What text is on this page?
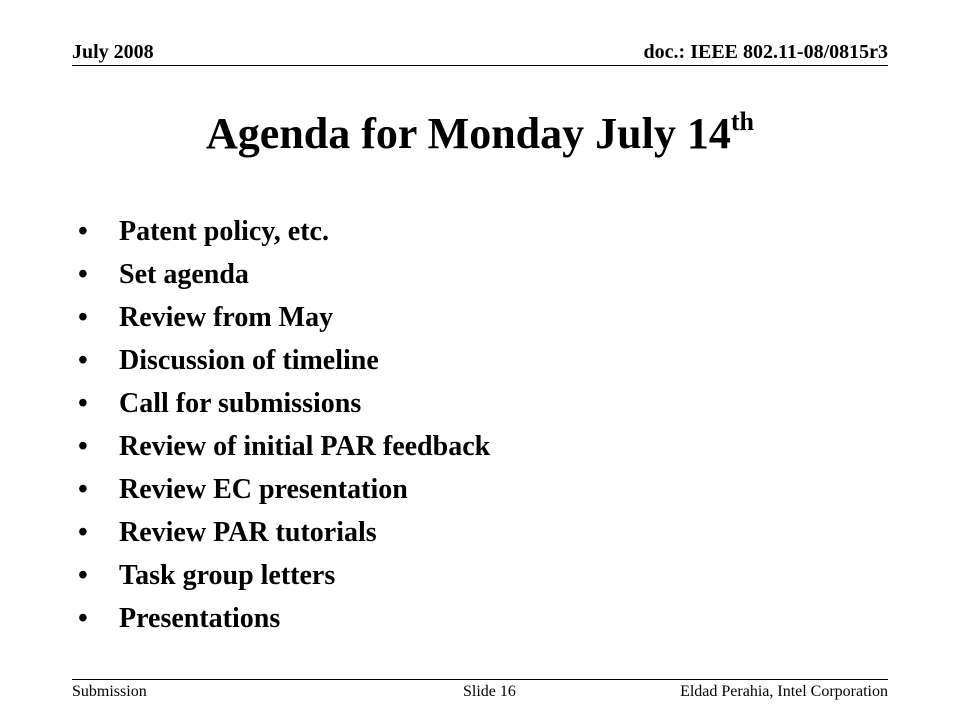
July 2008	doc.: IEEE 802.11-08/0815r3
Agenda for Monday July 14th
• Patent policy, etc.
• Set agenda
• Review from May
• Discussion of timeline
• Call for submissions
• Review of initial PAR feedback
• Review EC presentation
• Review PAR tutorials
• Task group letters
• Presentations
Submission	Slide 16	Eldad Perahia, Intel Corporation
